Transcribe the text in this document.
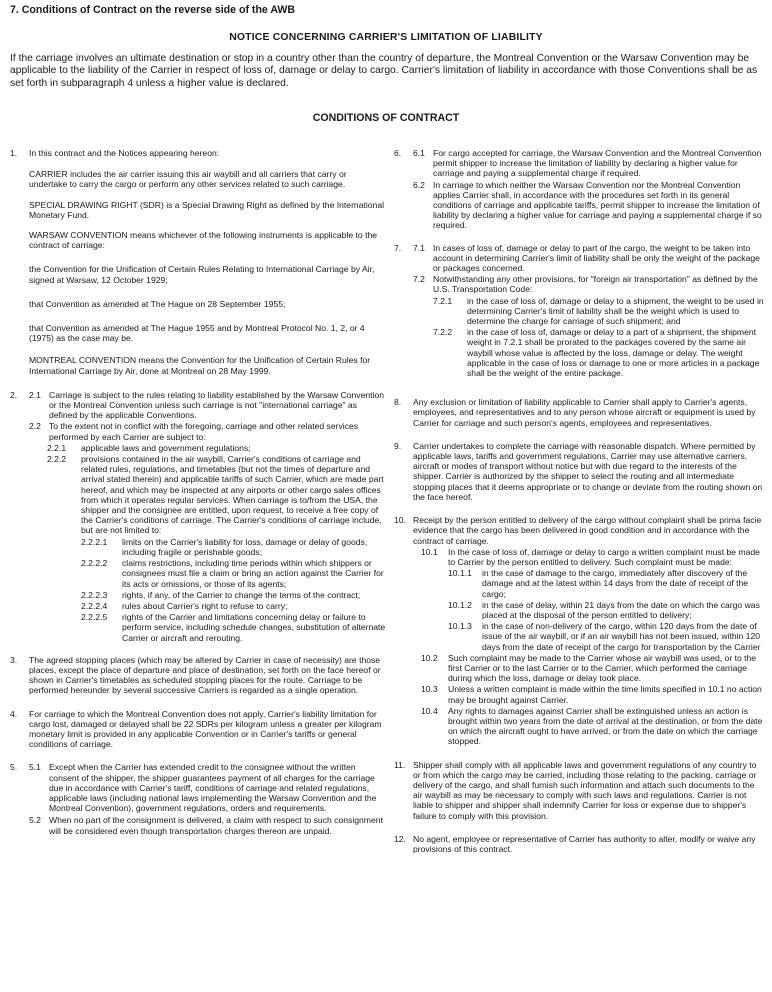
7. Conditions of Contract on the reverse side of the AWB
NOTICE CONCERNING CARRIER'S LIMITATION OF LIABILITY
If the carriage involves an ultimate destination or stop in a country other than the country of departure, the Montreal Convention or the Warsaw Convention may be applicable to the liability of the Carrier in respect of loss of, damage or delay to cargo. Carrier's limitation of liability in accordance with those Conventions shall be as set forth in subparagraph 4 unless a higher value is declared.
CONDITIONS OF CONTRACT
1. In this contract and the Notices appearing hereon:

CARRIER includes the air carrier issuing this air waybill and all carriers that carry or undertake to carry the cargo or perform any other services related to such carriage.

SPECIAL DRAWING RIGHT (SDR) is a Special Drawing Right as defined by the International Monetary Fund.

WARSAW CONVENTION means whichever of the following instruments is applicable to the contract of carriage:

the Convention for the Unification of Certain Rules Relating to International Carriage by Air, signed at Warsaw, 12 October 1929;

that Convention as amended at The Hague on 28 September 1955;

that Convention as amended at The Hague 1955 and by Montreal Protocol No. 1, 2, or 4 (1975) as the case may be.

MONTREAL CONVENTION means the Convention for the Unification of Certain Rules for International Carriage by Air, done at Montreal on 28 May 1999.

2. 2.1 Carriage is subject to the rules relating to liability established by the Warsaw Convention or the Montreal Convention unless such carriage is not "international carriage" as defined by the applicable Conventions.
2.2 To the extent not in conflict with the foregoing, carriage and other related services performed by each Carrier are subject to:
2.2.1 applicable laws and government regulations;
2.2.2 provisions contained in the air waybill, Carrier's conditions of carriage and related rules, regulations, and timetables (but not the times of departure and arrival stated therein) and applicable tariffs of such Carrier, which are made part hereof, and which may be inspected at any airports or other cargo sales offices from which it operates regular services. When carriage is to/from the USA, the shipper and the consignee are entitled, upon request, to receive a free copy of the Carrier's conditions of carriage. The Carrier's conditions of carriage include, but are not limited to:
2.2.2.1 limits on the Carrier's liability for loss, damage or delay of goods, including fragile or perishable goods;
2.2.2.2 claims restrictions, including time periods within which shippers or consignees must file a claim or bring an action against the Carrier for its acts or omissions, or those of its agents;
2.2.2.3 rights, if any, of the Carrier to change the terms of the contract;
2.2.2.4 rules about Carrier's right to refuse to carry;
2.2.2.5 rights of the Carrier and limitations concerning delay or failure to perform service, including schedule changes, substitution of alternate Carrier or aircraft and rerouting.
3. The agreed stopping places (which may be altered by Carrier in case of necessity) are those places, except the place of departure and place of destination, set forth on the face hereof or shown in Carrier's timetables as scheduled stopping places for the route. Carriage to be performed hereunder by several successive Carriers is regarded as a single operation.
4. For carriage to which the Montreal Convention does not apply, Carrier's liability limitation for cargo lost, damaged or delayed shall be 22 SDRs per kilogram unless a greater per kilogram monetary limit is provided in any applicable Convention or in Carrier's tariffs or general conditions of carriage.
5. 5.1 Except when the Carrier has extended credit to the consignee without the written consent of the shipper, the shipper guarantees payment of all charges for the carriage due in accordance with Carrier's tariff, conditions of carriage and related regulations, applicable laws (including national laws implementing the Warsaw Convention and the Montreal Convention), government regulations, orders and requirements.
5.2 When no part of the consignment is delivered, a claim with respect to such consignment will be considered even though transportation charges thereon are unpaid.
6. 6.1 For cargo accepted for carriage, the Warsaw Convention and the Montreal Convention permit shipper to increase the limitation of liability by declaring a higher value for carriage and paying a supplemental charge if required.
6.2 In carriage to which neither the Warsaw Convention nor the Montreal Convention applies Carrier shall, in accordance with the procedures set forth in its general conditions of carriage and applicable tariffs, permit shipper to increase the limitation of liability by declaring a higher value for carriage and paying a supplemental charge if so required.
7. 7.1 In cases of loss of, damage or delay to part of the cargo, the weight to be taken into account in determining Carrier's limit of liability shall be only the weight of the package or packages concerned.
7.2 Notwithstanding any other provisions, for "foreign air transportation" as defined by the U.S. Transportation Code:
7.2.1 in the case of loss of, damage or delay to a shipment, the weight to be used in determining Carrier's limit of liability shall be the weight which is used to determine the charge for carriage of such shipment; and
7.2.2 in the case of loss of, damage or delay to a part of a shipment, the shipment weight in 7.2.1 shall be prorated to the packages covered by the same air waybill whose value is affected by the loss, damage or delay. The weight applicable in the case of loss or damage to one or more articles in a package shall be the weight of the entire package.
8. Any exclusion or limitation of liability applicable to Carrier shall apply to Carrier's agents, employees, and representatives and to any person whose aircraft or equipment is used by Carrier for carriage and such person's agents, employees and representatives.
9. Carrier undertakes to complete the carriage with reasonable dispatch. Where permitted by applicable laws, tariffs and government regulations, Carrier may use alternative carriers, aircraft or modes of transport without notice but with due regard to the interests of the shipper. Carrier is authorized by the shipper to select the routing and all intermediate stopping places that it deems appropriate or to change or deviate from the routing shown on the face hereof.
10. Receipt by the person entitled to delivery of the cargo without complaint shall be prima facie evidence that the cargo has been delivered in good condition and in accordance with the contract of carriage.
10.1 In the case of loss of, damage or delay to cargo a written complaint must be made to Carrier by the person entitled to delivery. Such complaint must be made:
10.1.1 in the case of damage to the cargo, immediately after discovery of the damage and at the latest within 14 days from the date of receipt of the cargo;
10.1.2 in the case of delay, within 21 days from the date on which the cargo was placed at the disposal of the person entitled to delivery;
10.1.3 in the case of non-delivery of the cargo, within 120 days from the date of issue of the air waybill, or if an air waybill has not been issued, within 120 days from the date of receipt of the cargo for transportation by the Carrier
10.2 Such complaint may be made to the Carrier whose air waybill was used, or to the first Carrier or to the last Carrier or to the Carrier, which performed the carriage during which the loss, damage or delay took place.
10.3 Unless a written complaint is made within the time limits specified in 10.1 no action may be brought against Carrier.
10.4 Any rights to damages against Carrier shall be extinguished unless an action is brought within two years from the date of arrival at the destination, or from the date on which the aircraft ought to have arrived, or from the date on which the carriage stopped.
11. Shipper shall comply with all applicable laws and government regulations of any country to or from which the cargo may be carried, including those relating to the packing, carriage or delivery of the cargo, and shall furnish such information and attach such documents to the air waybill as may be necessary to comply with such laws and regulations. Carrier is not liable to shipper and shipper shall indemnify Carrier for loss or expense due to shipper's failure to comply with this provision.
12. No agent, employee or representative of Carrier has authority to alter, modify or waive any provisions of this contract.
